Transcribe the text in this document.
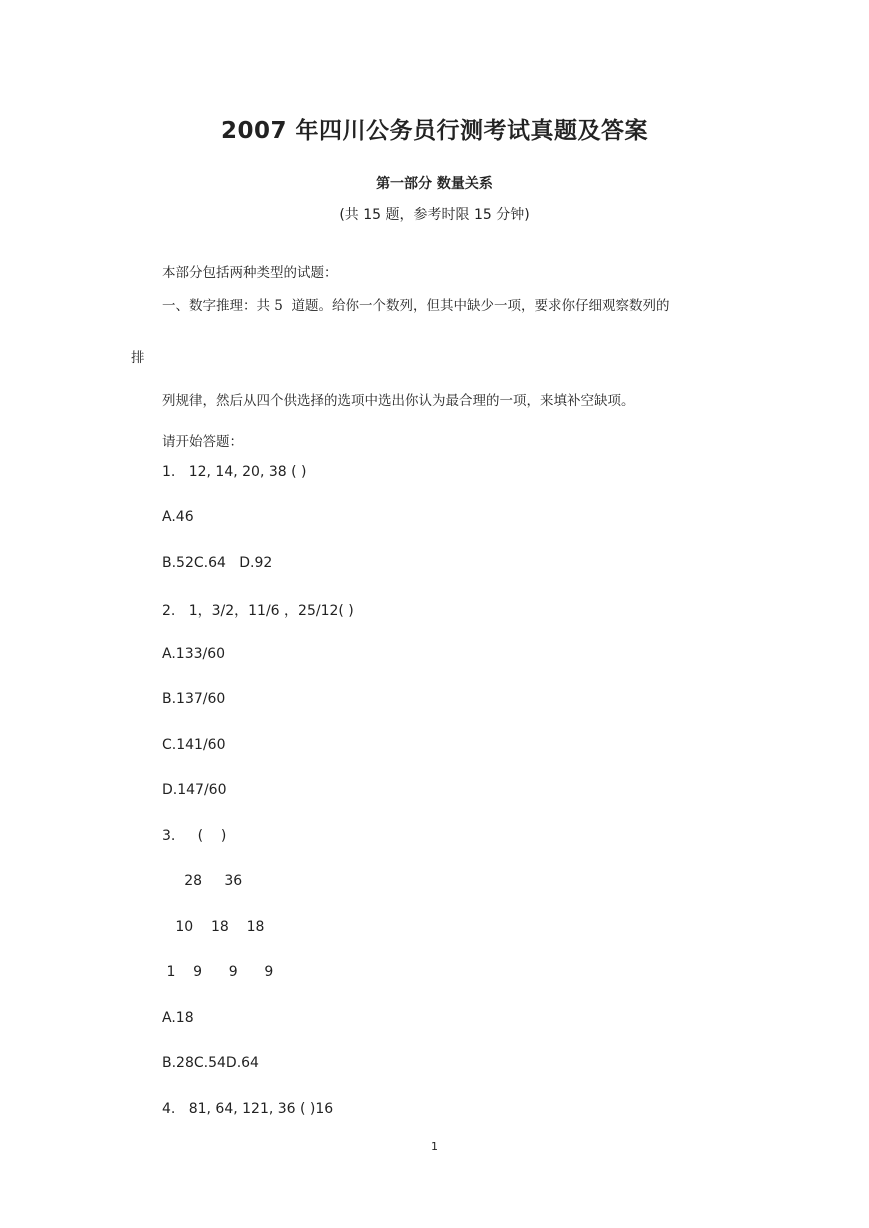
2007 年四川公务员行测考试真题及答案

第一部分 数量关系

(共 15 题，参考时限 15 分钟)

本部分包括两种类型的试题：

一、数字推理：共 5  道题。给你一个数列，但其中缺少一项，要求你仔细观察数列的

排

列规律，然后从四个供选择的选项中选出你认为最合理的一项，来填补空缺项。

请开始答题：

1.   12, 14, 20, 38 ( )

A.46

B.52C.64   D.92

2.   1，3/2，11/6 ，25/12( )

A.133/60

B.137/60

C.141/60

D.147/60

3.     (    )

28     36

10    18    18

1    9      9      9

A.18

B.28C.54D.64

4.   81, 64, 121, 36 ( )16

1
